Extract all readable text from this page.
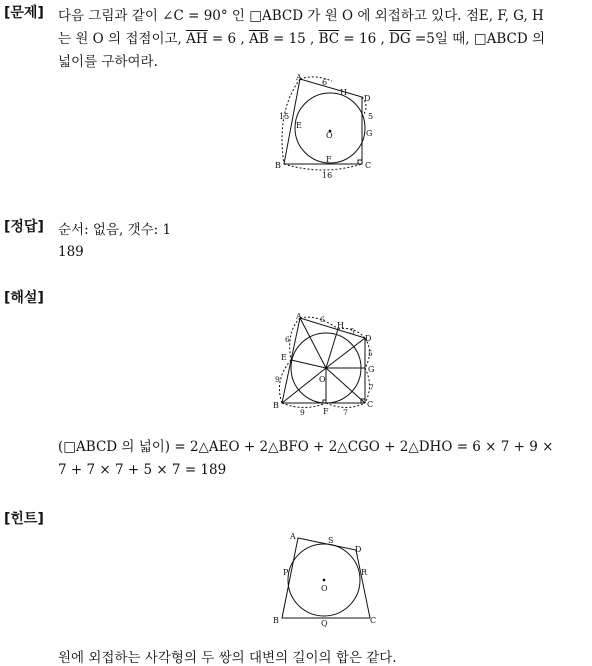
[문제] 다음 그림과 같이 ∠C = 90° 인 □ABCD 가 원 O 에 외접하고 있다. 점E, F, G, H
는 원 O 의 접점이고, $\overline{AH} = 6$ , $\overline{AB} = 15$ , $\overline{BC} = 16$ , $\overline{DG} =5$일 때, □ABCD 의
넓이를 구하여라.
A
B	C
D
E
F
G
H
O
6
15	5
16
[정답] 순서: 없음, 갯수: 1
189
[해설]
A
B	C
D
E
F
G
H
O
6
6
5
5
9
9	7
7
(□ABCD 의 넓이) = 2△AEO + 2△BFO + 2△CGO + 2△DHO = 6 × 7 + 9 ×
7 + 7 × 7 + 5 × 7 = 189
[힌트]
A
B	C
D
O
P
Q
R
S
원에 외접하는 사각형의 두 쌍의 대변의 길이의 합은 같다.
